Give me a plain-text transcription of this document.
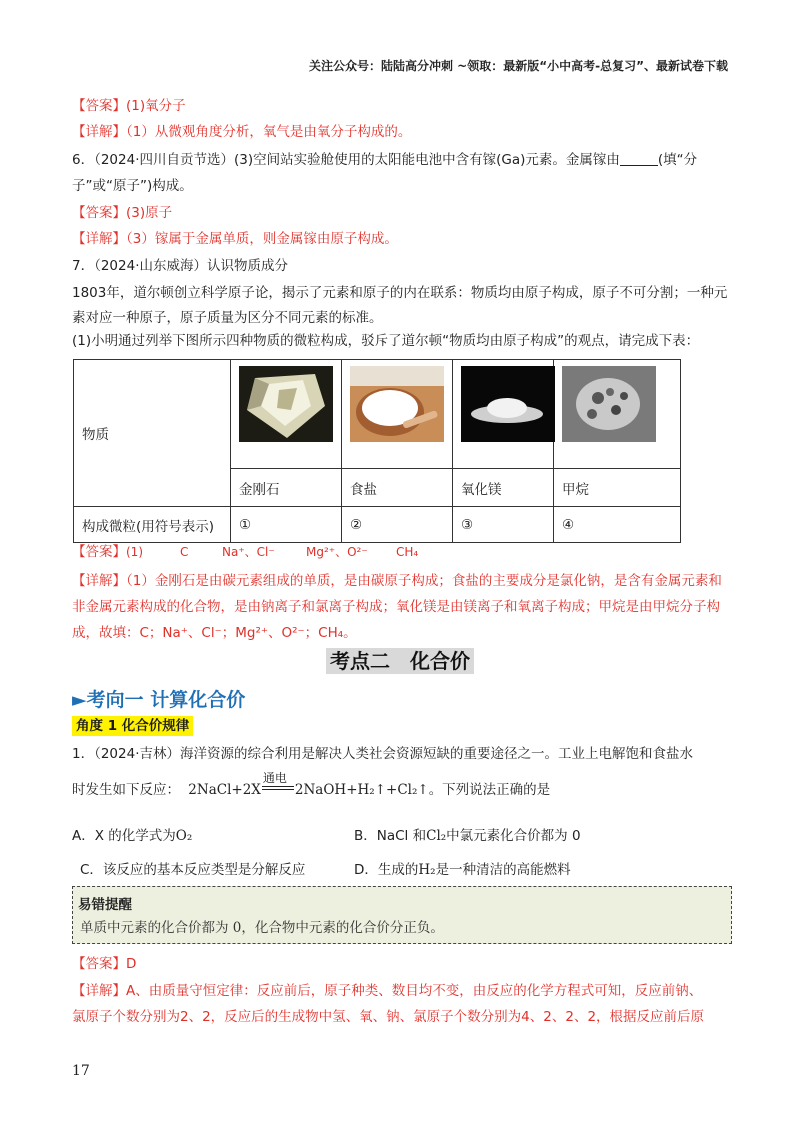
关注公众号：陆陆高分冲刺 ~领取：最新版“小中高考-总复习”、最新试卷下载
【答案】(1)氧分子
【详解】（1）从微观角度分析，氧气是由氧分子构成的。
6．（2024·四川自贡节选）(3)空间站实验舱使用的太阳能电池中含有镓(Ga)元素。金属镓由	(填“分
子”或“原子”)构成。
【答案】(3)原子
【详解】（3）镓属于金属单质，则金属镓由原子构成。
7．（2024·山东威海）认识物质成分
1803年，道尔顿创立科学原子论，揭示了元素和原子的内在联系：物质均由原子构成，原子不可分割；一种元素对应一种原子，原子质量为区分不同元素的标准。
(1)小明通过列举下图所示四种物质的微粒构成，驳斥了道尔顿“物质均由原子构成”的观点，请完成下表：
物质	

	金刚石	食盐	氧化镁	甲烷
构成微粒(用符号表示)	①	②	③	④
【答案】(1)	C	Na⁺、Cl⁻	Mg²⁺、O²⁻ CH₄
【详解】（1）金刚石是由碳元素组成的单质，是由碳原子构成；食盐的主要成分是氯化钠，是含有金属元素和非金属元素构成的化合物，是由钠离子和氯离子构成；氧化镁是由镁离子和氧离子构成；甲烷是由甲烷分子构成，故填：C；Na⁺、Cl⁻；Mg²⁺、O²⁻；CH₄。
考点二　化合价
►考向一 计算化合价
角度 1 化合价规律
1．（2024·吉林）海洋资源的综合利用是解决人类社会资源短缺的重要途径之一。工业上电解饱和食盐水
时发生如下反应： 2NaCl+2X
通电
2NaOH+H₂↑+Cl₂↑。下列说法正确的是
A．X 的化学式为O₂	B．NaCl 和Cl₂中氯元素化合价都为 0
C．该反应的基本反应类型是分解反应	D．生成的H₂是一种清洁的高能燃料
易错提醒
单质中元素的化合价都为 0，化合物中元素的化合价分正负。
【答案】D
【详解】A、由质量守恒定律：反应前后，原子种类、数目均不变，由反应的化学方程式可知，反应前钠、
氯原子个数分别为2、2，反应后的生成物中氢、氧、钠、氯原子个数分别为4、2、2、2，根据反应前后原
17
